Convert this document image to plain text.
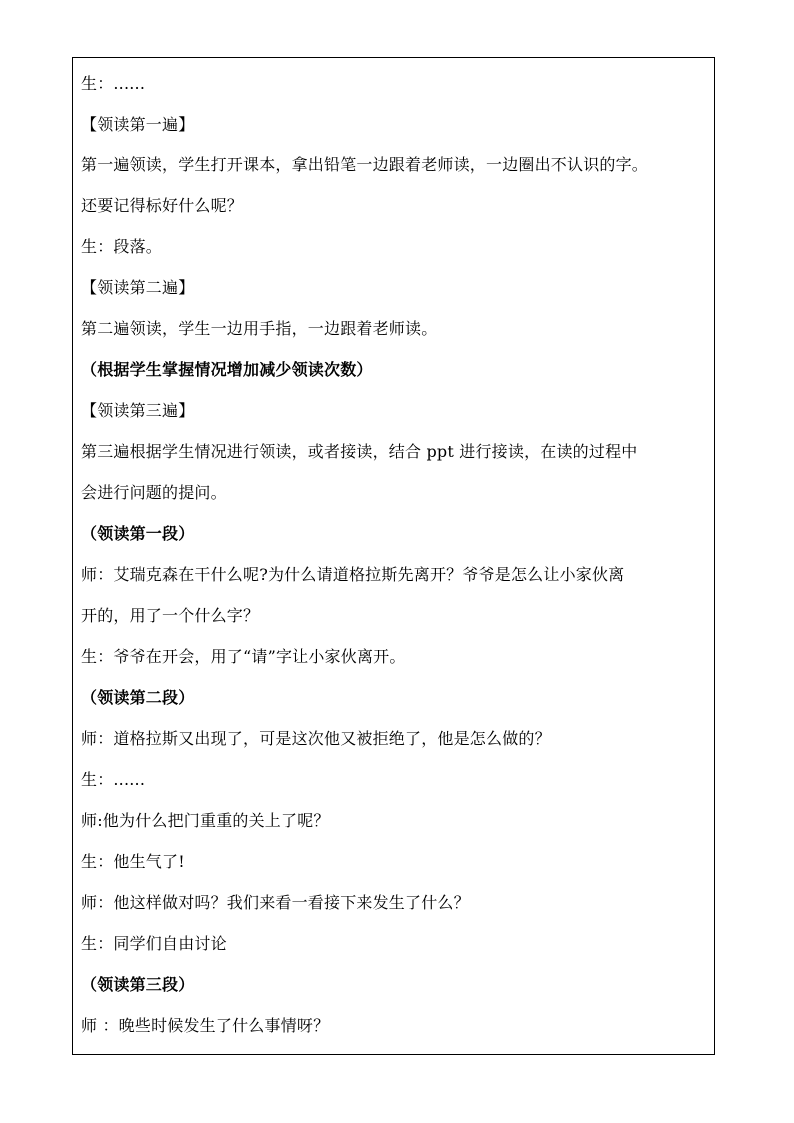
生：......
【领读第一遍】
第一遍领读，学生打开课本，拿出铅笔一边跟着老师读，一边圈出不认识的字。
还要记得标好什么呢？
生：段落。
【领读第二遍】
第二遍领读，学生一边用手指，一边跟着老师读。
（根据学生掌握情况增加减少领读次数）
【领读第三遍】
第三遍根据学生情况进行领读，或者接读，结合 ppt 进行接读，在读的过程中
会进行问题的提问。
（领读第一段）
师：艾瑞克森在干什么呢?为什么请道格拉斯先离开？爷爷是怎么让小家伙离
开的，用了一个什么字？
生：爷爷在开会，用了“请”字让小家伙离开。
（领读第二段）
师：道格拉斯又出现了，可是这次他又被拒绝了，他是怎么做的？
生：......
师:他为什么把门重重的关上了呢？
生：他生气了!
师：他这样做对吗？我们来看一看接下来发生了什么？
生：同学们自由讨论
（领读第三段）
师 ：晚些时候发生了什么事情呀？
